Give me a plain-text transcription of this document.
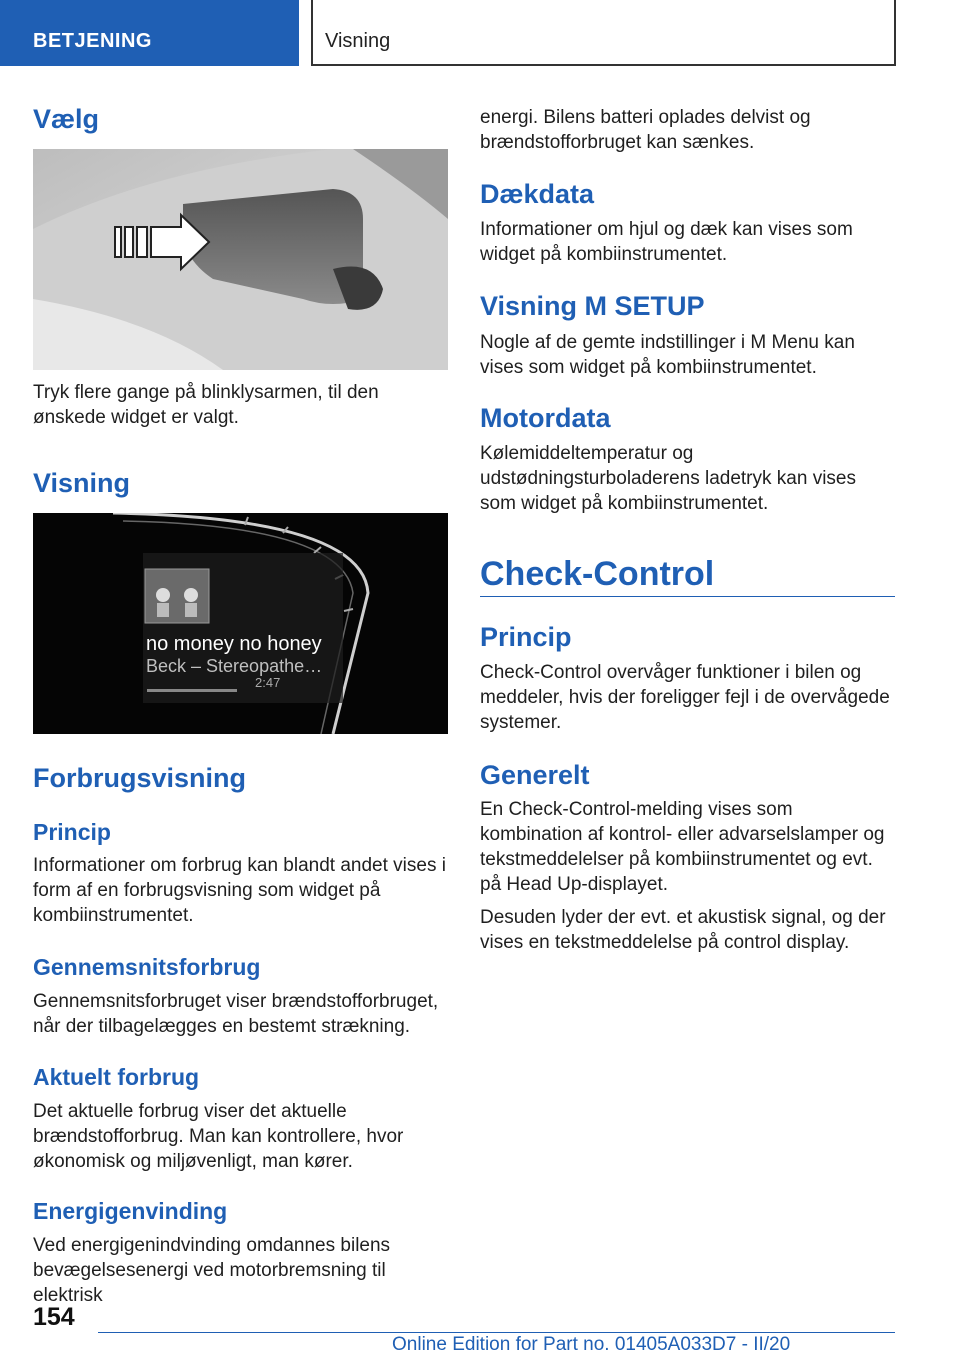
BETJENING	Visning
Vælg
Tryk flere gange på blinklysarmen, til den ønskede widget er valgt.
Visning
no money no honey
Beck – Stereopathe…
2:47
Forbrugsvisning
Princip
Informationer om forbrug kan blandt andet vises i form af en forbrugsvisning som widget på kombiinstrumentet.
Gennemsnitsforbrug
Gennemsnitsforbruget viser brændstofforbruget, når der tilbagelægges en bestemt strækning.
Aktuelt forbrug
Det aktuelle forbrug viser det aktuelle brændstofforbrug. Man kan kontrollere, hvor økonomisk og miljøvenligt, man kører.
Energigenvinding
Ved energigenindvinding omdannes bilens bevægelsesenergi ved motorbremsning til elektrisk
energi. Bilens batteri oplades delvist og brændstofforbruget kan sænkes.
Dækdata
Informationer om hjul og dæk kan vises som widget på kombiinstrumentet.
Visning M SETUP
Nogle af de gemte indstillinger i M Menu kan vises som widget på kombiinstrumentet.
Motordata
Kølemiddeltemperatur og udstødningsturboladerens ladetryk kan vises som widget på kombiinstrumentet.
Check-Control
Princip
Check-Control overvåger funktioner i bilen og meddeler, hvis der foreligger fejl i de overvågede systemer.
Generelt
En Check-Control-melding vises som kombination af kontrol- eller advarselslamper og tekstmeddelelser på kombiinstrumentet og evt. på Head Up-displayet.
Desuden lyder der evt. et akustisk signal, og der vises en tekstmeddelelse på control display.
154
Online Edition for Part no. 01405A033D7 - II/20
